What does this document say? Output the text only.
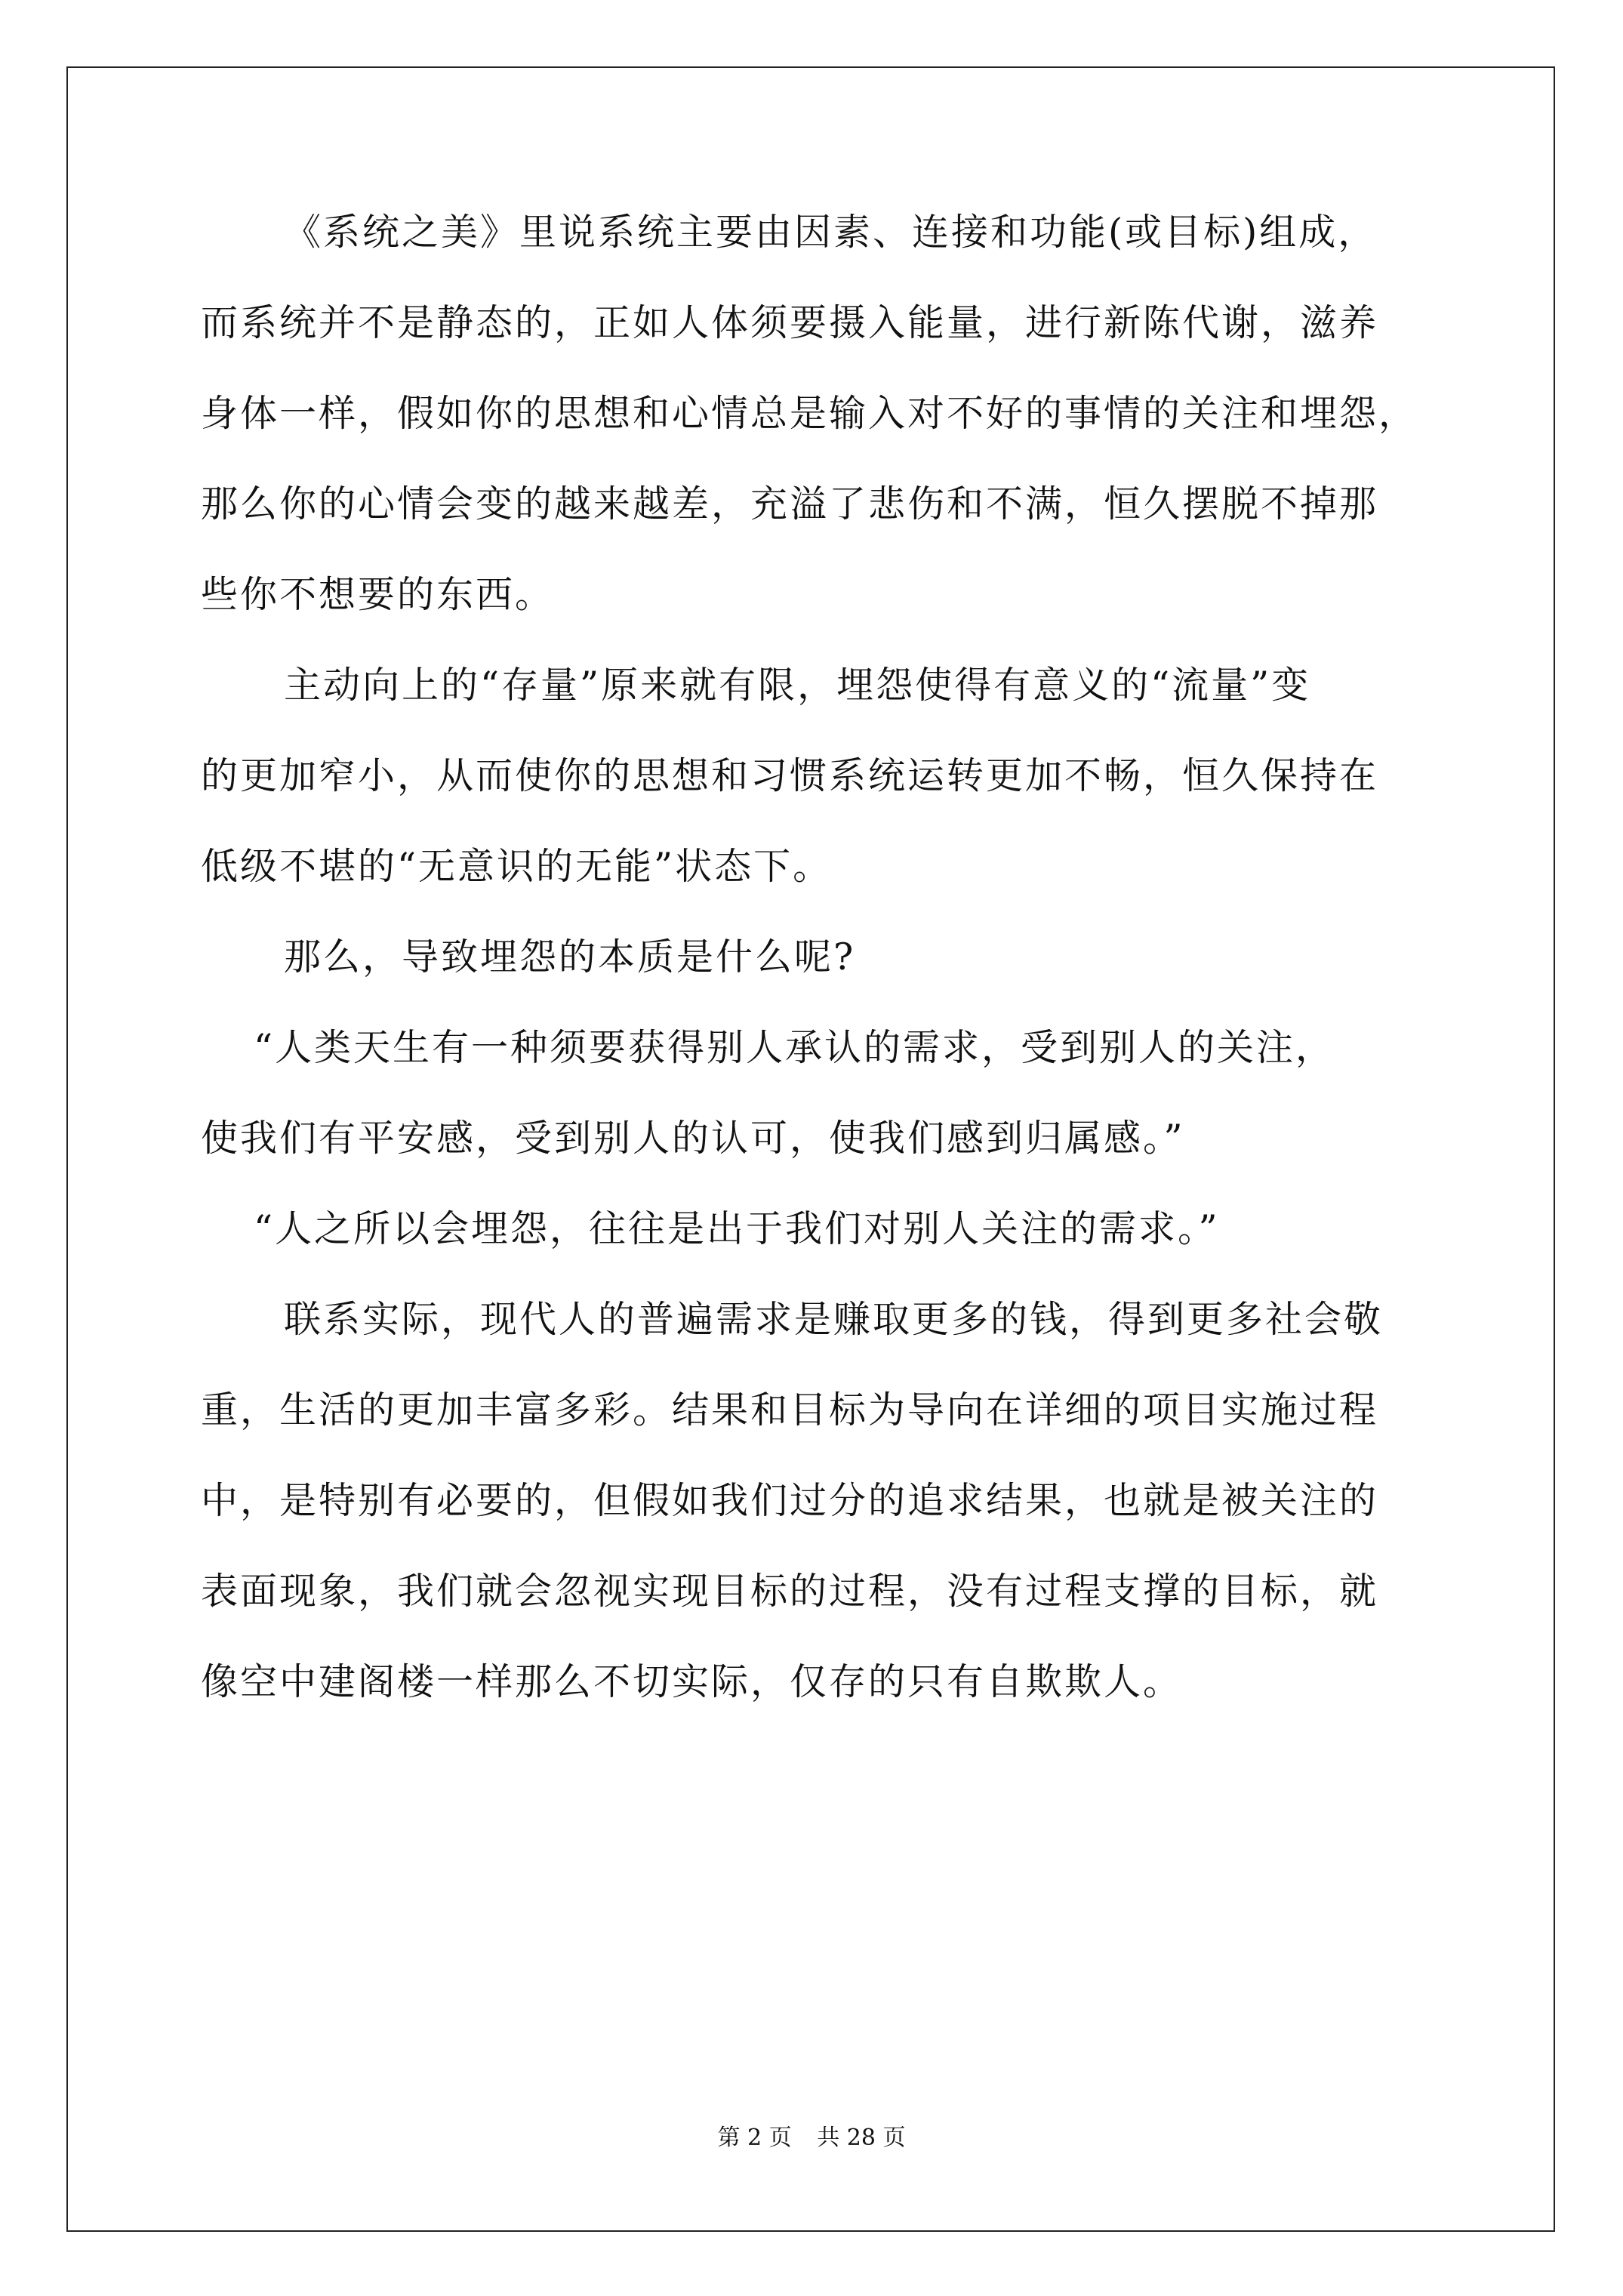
《系统之美》里说系统主要由因素、连接和功能(或目标)组成，
而系统并不是静态的，正如人体须要摄入能量，进行新陈代谢，滋养
身体一样，假如你的思想和心情总是输入对不好的事情的关注和埋怨，
那么你的心情会变的越来越差，充溢了悲伤和不满，恒久摆脱不掉那
些你不想要的东西。
主动向上的“存量”原来就有限，埋怨使得有意义的“流量”变
的更加窄小，从而使你的思想和习惯系统运转更加不畅，恒久保持在
低级不堪的“无意识的无能”状态下。
那么，导致埋怨的本质是什么呢?
“人类天生有一种须要获得别人承认的需求，受到别人的关注，
使我们有平安感，受到别人的认可，使我们感到归属感。”
“人之所以会埋怨，往往是出于我们对别人关注的需求。”
联系实际，现代人的普遍需求是赚取更多的钱，得到更多社会敬
重，生活的更加丰富多彩。结果和目标为导向在详细的项目实施过程
中，是特别有必要的，但假如我们过分的追求结果，也就是被关注的
表面现象，我们就会忽视实现目标的过程，没有过程支撑的目标，就
像空中建阁楼一样那么不切实际，仅存的只有自欺欺人。
第 2 页 共 28 页
